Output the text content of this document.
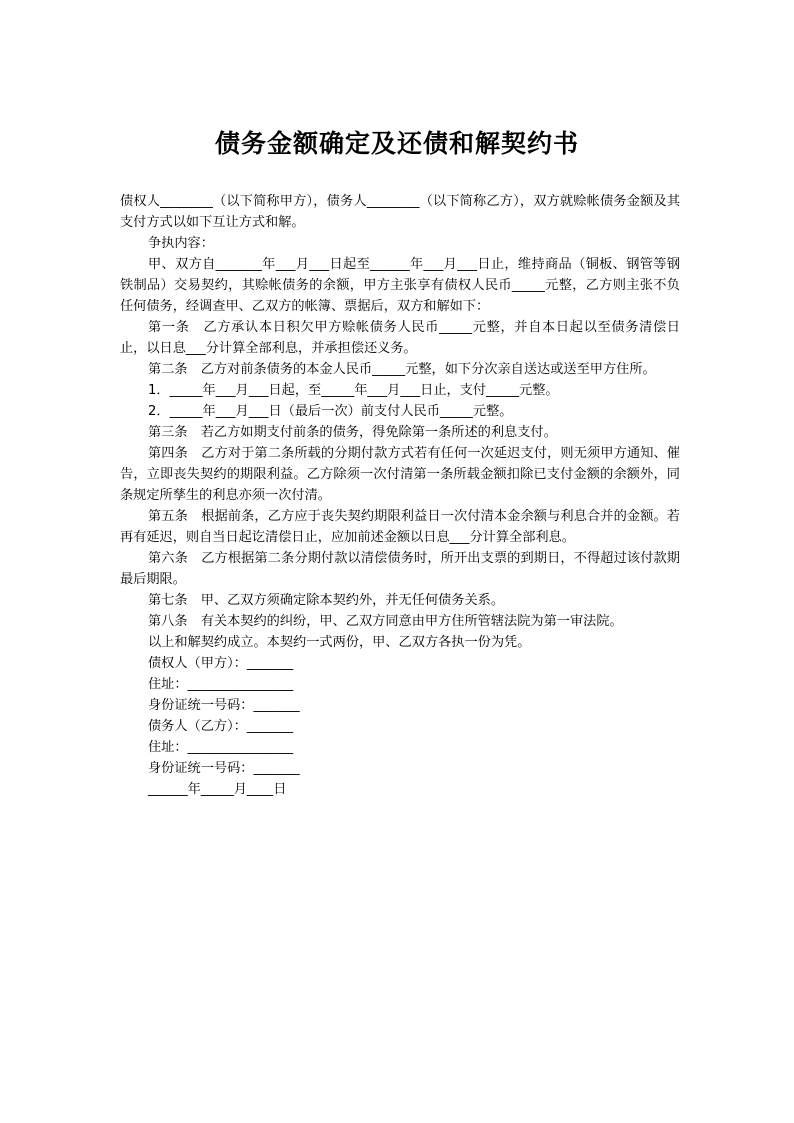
债务金额确定及还债和解契约书

债权人________（以下简称甲方），债务人________（以下简称乙方），双方就赊帐债务金额及其支付方式以如下互让方式和解。

争执内容：

甲、双方自_______年___月___日起至______年___月___日止，维持商品（铜板、钢管等钢铁制品）交易契约，其赊帐债务的余额，甲方主张享有债权人民币_____元整，乙方则主张不负任何债务，经调查甲、乙双方的帐簿、票据后，双方和解如下：

第一条　乙方承认本日积欠甲方赊帐债务人民币_____元整，并自本日起以至债务清偿日止，以日息___分计算全部利息，并承担偿还义务。

第二条　乙方对前条债务的本金人民币_____元整，如下分次亲自送达或送至甲方住所。

1．_____年___月___日起，至_____年___月___日止，支付_____元整。

2．_____年___月___日（最后一次）前支付人民币_____元整。

第三条　若乙方如期支付前条的债务，得免除第一条所述的利息支付。

第四条　乙方对于第二条所载的分期付款方式若有任何一次延迟支付，则无须甲方通知、催告，立即丧失契约的期限利益。乙方除须一次付清第一条所载金额扣除已支付金额的余额外，同条规定所孳生的利息亦须一次付清。

第五条　根据前条，乙方应于丧失契约期限利益日一次付清本金余额与利息合并的金额。若再有延迟，则自当日起讫清偿日止，应加前述金额以日息___分计算全部利息。

第六条　乙方根据第二条分期付款以清偿债务时，所开出支票的到期日，不得超过该付款期最后期限。

第七条　甲、乙双方须确定除本契约外，并无任何债务关系。

第八条　有关本契约的纠纷，甲、乙双方同意由甲方住所管辖法院为第一审法院。

以上和解契约成立。本契约一式两份，甲、乙双方各执一份为凭。

债权人（甲方）：_______

住址：________________

身份证统一号码：_______

债务人（乙方）：_______

住址：________________

身份证统一号码：_______

______年_____月____日
